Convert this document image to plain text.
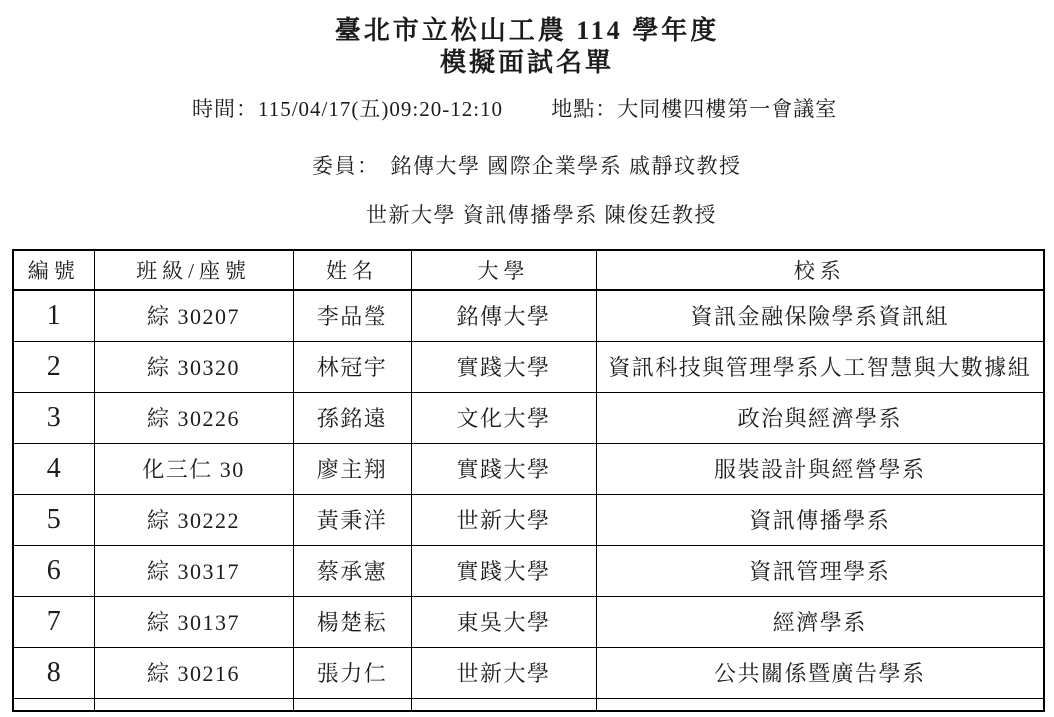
臺北市立松山工農 114 學年度
模擬面試名單
時間：115/04/17(五)09:20-12:10 地點：大同樓四樓第一會議室
委員： 銘傳大學 國際企業學系 戚靜玟教授
世新大學 資訊傳播學系 陳俊廷教授
編號	班級/座號	姓名	大學	校系
1	綜 30207	李品瑩	銘傳大學	資訊金融保險學系資訊組
2	綜 30320	林冠宇	實踐大學	資訊科技與管理學系人工智慧與大數據組
3	綜 30226	孫銘遠	文化大學	政治與經濟學系
4	化三仁 30	廖主翔	實踐大學	服裝設計與經營學系
5	綜 30222	黃秉洋	世新大學	資訊傳播學系
6	綜 30317	蔡承憲	實踐大學	資訊管理學系
7	綜 30137	楊楚耘	東吳大學	經濟學系
8	綜 30216	張力仁	世新大學	公共關係暨廣告學系
